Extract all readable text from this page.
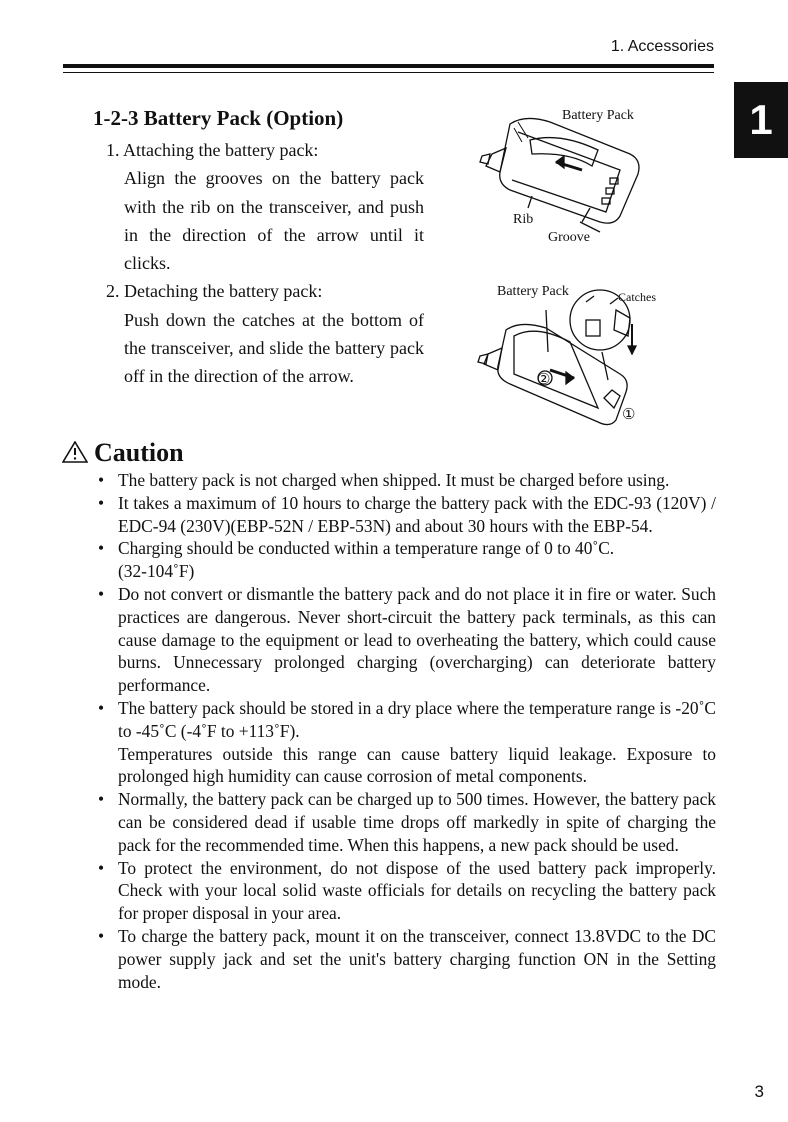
1. Accessories
1
1-2-3 Battery Pack (Option)

1. Attaching the battery pack:

Align the grooves on the battery pack with the rib on the transceiver, and push in the direction of the arrow until it clicks.

2. Detaching the battery pack:

Push down the catches at the bottom of the transceiver, and slide the battery pack off in the direction of the arrow.

Battery Pack
Rib
Groove
Battery Pack	Catches
②
①
Caution
• The battery pack is not charged when shipped. It must be charged before using.
• It takes a maximum of 10 hours to charge the battery pack with the EDC-93 (120V) / EDC-94 (230V)(EBP-52N / EBP-53N) and about 30 hours with the EBP-54.
• Charging should be conducted within a temperature range of 0 to 40˚C.
(32-104˚F)
• Do not convert or dismantle the battery pack and do not place it in fire or water. Such practices are dangerous. Never short-circuit the battery pack terminals, as this can cause damage to the equipment or lead to overheating the battery, which could cause burns. Unnecessary prolonged charging (overcharging) can deteriorate battery performance.
• The battery pack should be stored in a dry place where the temperature range is -20˚C to -45˚C (-4˚F to +113˚F).
Temperatures outside this range can cause battery liquid leakage. Exposure to prolonged high humidity can cause corrosion of metal components.
• Normally, the battery pack can be charged up to 500 times. However, the battery pack can be considered dead if usable time drops off markedly in spite of charging the pack for the recommended time. When this happens, a new pack should be used.
• To protect the environment, do not dispose of the used battery pack improperly. Check with your local solid waste officials for details on recycling the battery pack for proper disposal in your area.
• To charge the battery pack, mount it on the transceiver, connect 13.8VDC to the DC power supply jack and set the unit's battery charging function ON in the Setting mode.
3
